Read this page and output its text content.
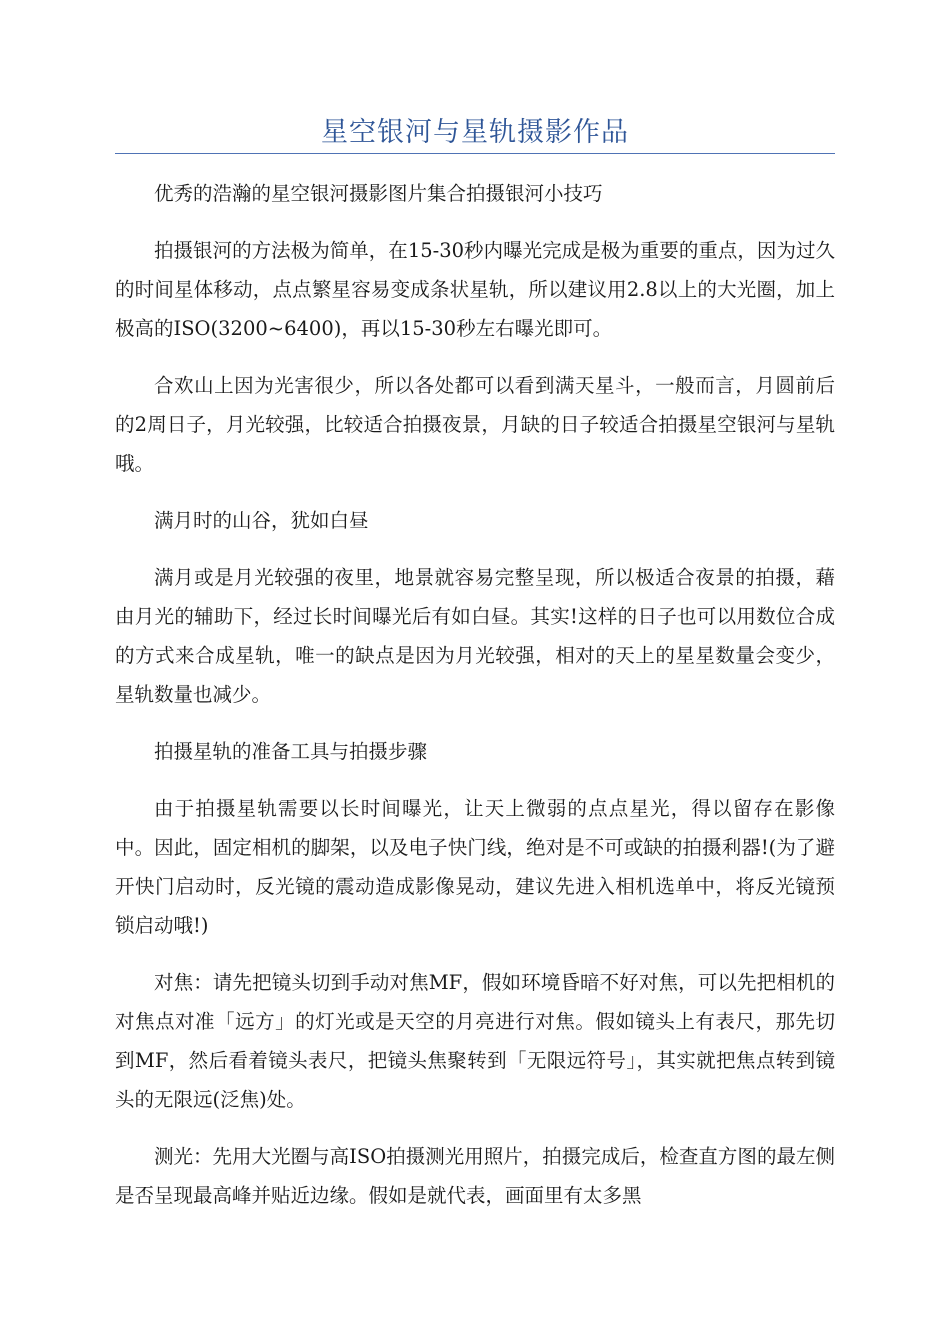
星空银河与星轨摄影作品

优秀的浩瀚的星空银河摄影图片集合拍摄银河小技巧

拍摄银河的方法极为简单，在15-30秒内曝光完成是极为重要的重点，因为过久的时间星体移动，点点繁星容易变成条状星轨，所以建议用2.8以上的大光圈，加上极高的ISO(3200~6400)，再以15-30秒左右曝光即可。

合欢山上因为光害很少，所以各处都可以看到满天星斗，一般而言，月圆前后的2周日子，月光较强，比较适合拍摄夜景，月缺的日子较适合拍摄星空银河与星轨哦。

满月时的山谷，犹如白昼

满月或是月光较强的夜里，地景就容易完整呈现，所以极适合夜景的拍摄，藉由月光的辅助下，经过长时间曝光后有如白昼。其实!这样的日子也可以用数位合成的方式来合成星轨，唯一的缺点是因为月光较强，相对的天上的星星数量会变少，星轨数量也减少。

拍摄星轨的准备工具与拍摄步骤

由于拍摄星轨需要以长时间曝光，让天上微弱的点点星光，得以留存在影像中。因此，固定相机的脚架，以及电子快门线，绝对是不可或缺的拍摄利器!(为了避开快门启动时，反光镜的震动造成影像晃动，建议先进入相机选单中，将反光镜预锁启动哦!)

对焦：请先把镜头切到手动对焦MF，假如环境昏暗不好对焦，可以先把相机的对焦点对准「远方」的灯光或是天空的月亮进行对焦。假如镜头上有表尺，那先切到MF，然后看着镜头表尺，把镜头焦聚转到「无限远符号」，其实就把焦点转到镜头的无限远(泛焦)处。

测光：先用大光圈与高ISO拍摄测光用照片，拍摄完成后，检查直方图的最左侧是否呈现最高峰并贴近边缘。假如是就代表，画面里有太多黑
